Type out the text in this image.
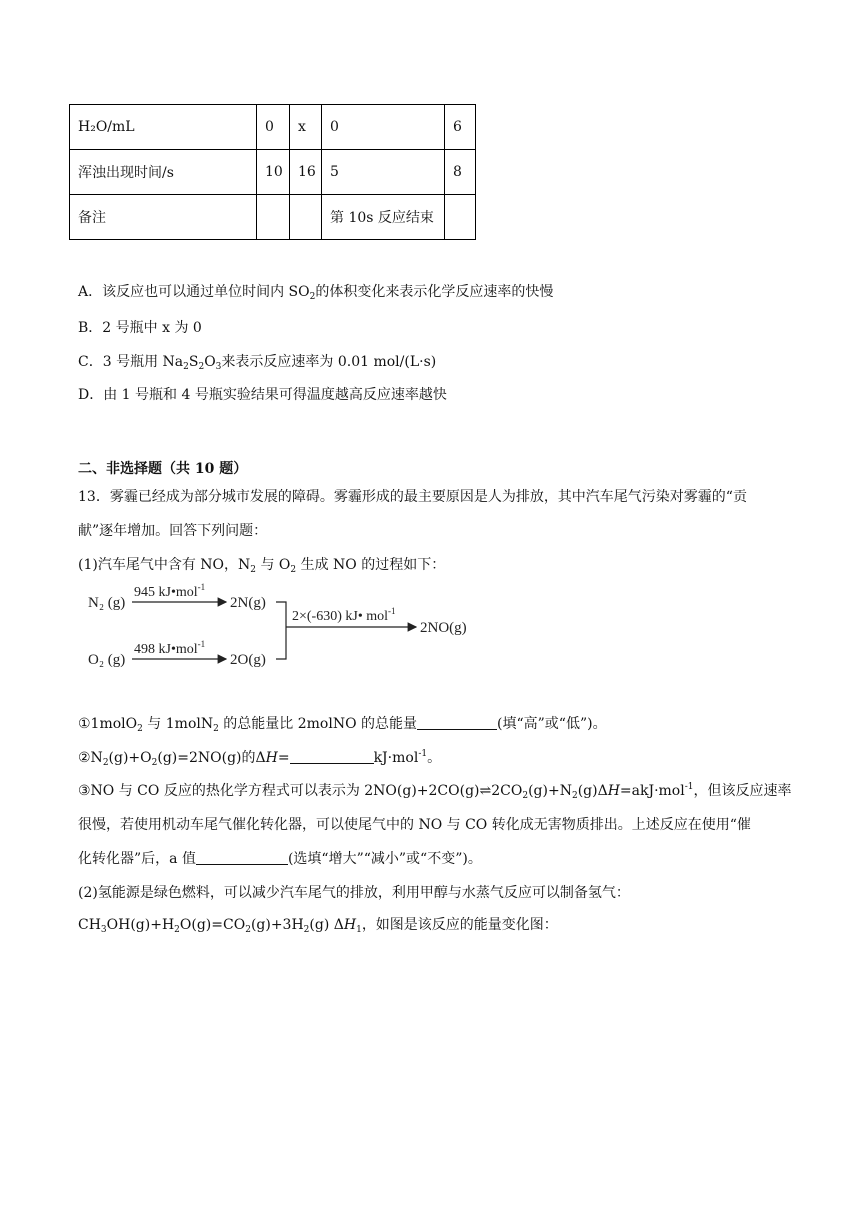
H₂O/mL	0	x	0	6
浑浊出现时间/s	10	16	5	8
备注			第 10s 反应结束	
A．该反应也可以通过单位时间内 $SO_2$的体积变化来表示化学反应速率的快慢
B．2 号瓶中 x 为 0
C．3 号瓶用 $Na_2S_2O_3$来表示反应速率为 0.01 mol/(L·s)
D．由 1 号瓶和 4 号瓶实验结果可得温度越高反应速率越快
二、非选择题（共 10 题）
13．雾霾已经成为部分城市发展的障碍。雾霾形成的最主要原因是人为排放，其中汽车尾气污染对雾霾的“贡
献”逐年增加。回答下列问题：
(1)汽车尾气中含有 NO，$N_2$ 与 $O_2$ 生成 NO 的过程如下：
N₂ (g)
945 kJ•mol$^{-1}$
2N(g)
O₂ (g)
498 kJ•mol$^{-1}$
2O(g)
2×(-630) kJ• mol$^{-1}$
2NO(g)
①1molO$_2$ 与 1molN$_2$ 的总能量比 2molNO 的总能量	(填“高”或“低”)。
$②N_2(g)+O_2(g)=2NO(g)$的ΔH=	kJ·mol$^{-1}$。
③NO 与 CO 反应的热化学方程式可以表示为 $2NO(g)+2CO(g)\rightleftharpoons 2CO_2(g)+N_2(g)\Delta H=akJ\cdot mol^{-1}$，但该反应速率
很慢，若使用机动车尾气催化转化器，可以使尾气中的 NO 与 CO 转化成无害物质排出。上述反应在使用“催
化转化器”后，a 值	(选填“增大”“减小”或“不变”)。
(2)氢能源是绿色燃料，可以减少汽车尾气的排放，利用甲醇与水蒸气反应可以制备氢气：
$CH_3OH(g)+H_2O(g)=CO_2(g)+3H_2(g)$ $\Delta H_1$，如图是该反应的能量变化图：
